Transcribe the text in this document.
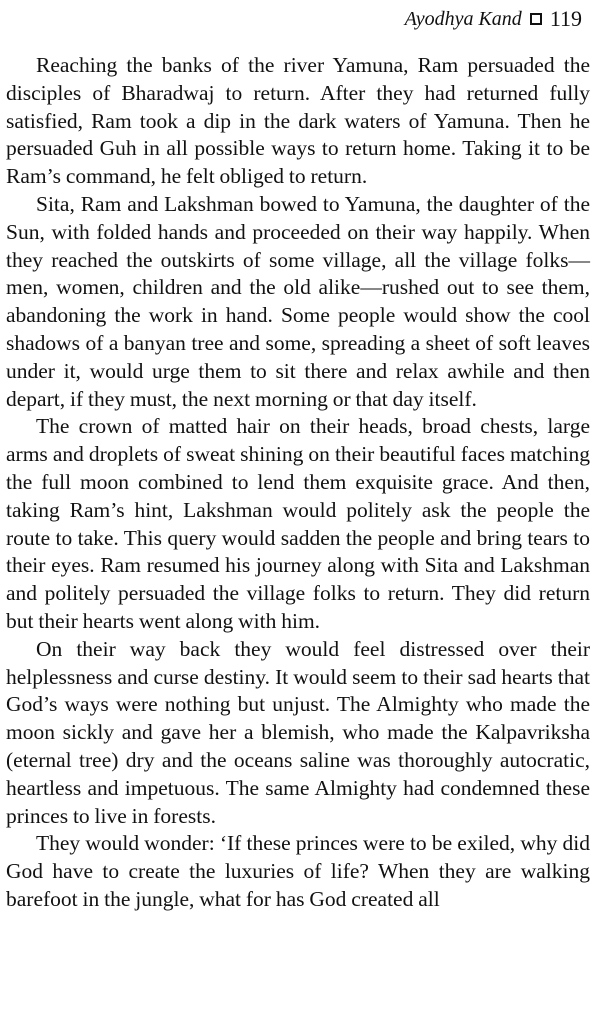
Ayodhya Kand 119

Reaching the banks of the river Yamuna, Ram persuaded the disciples of Bharadwaj to return. After they had returned fully satisfied, Ram took a dip in the dark waters of Yamuna. Then he persuaded Guh in all possible ways to return home. Taking it to be Ram’s command, he felt obliged to return.

Sita, Ram and Lakshman bowed to Yamuna, the daughter of the Sun, with folded hands and proceeded on their way happily. When they reached the outskirts of some village, all the village folks—men, women, children and the old alike—rushed out to see them, abandoning the work in hand. Some people would show the cool shadows of a banyan tree and some, spreading a sheet of soft leaves under it, would urge them to sit there and relax awhile and then depart, if they must, the next morning or that day itself.

The crown of matted hair on their heads, broad chests, large arms and droplets of sweat shining on their beautiful faces matching the full moon combined to lend them exquisite grace. And then, taking Ram’s hint, Lakshman would politely ask the people the route to take. This query would sadden the people and bring tears to their eyes. Ram resumed his journey along with Sita and Lakshman and politely persuaded the village folks to return. They did return but their hearts went along with him.

On their way back they would feel distressed over their helplessness and curse destiny. It would seem to their sad hearts that God’s ways were nothing but unjust. The Almighty who made the moon sickly and gave her a blemish, who made the Kalpavriksha (eternal tree) dry and the oceans saline was thoroughly autocratic, heartless and impetuous. The same Almighty had condemned these princes to live in forests.

They would wonder: ‘If these princes were to be exiled, why did God have to create the luxuries of life? When they are walking barefoot in the jungle, what for has God created all
